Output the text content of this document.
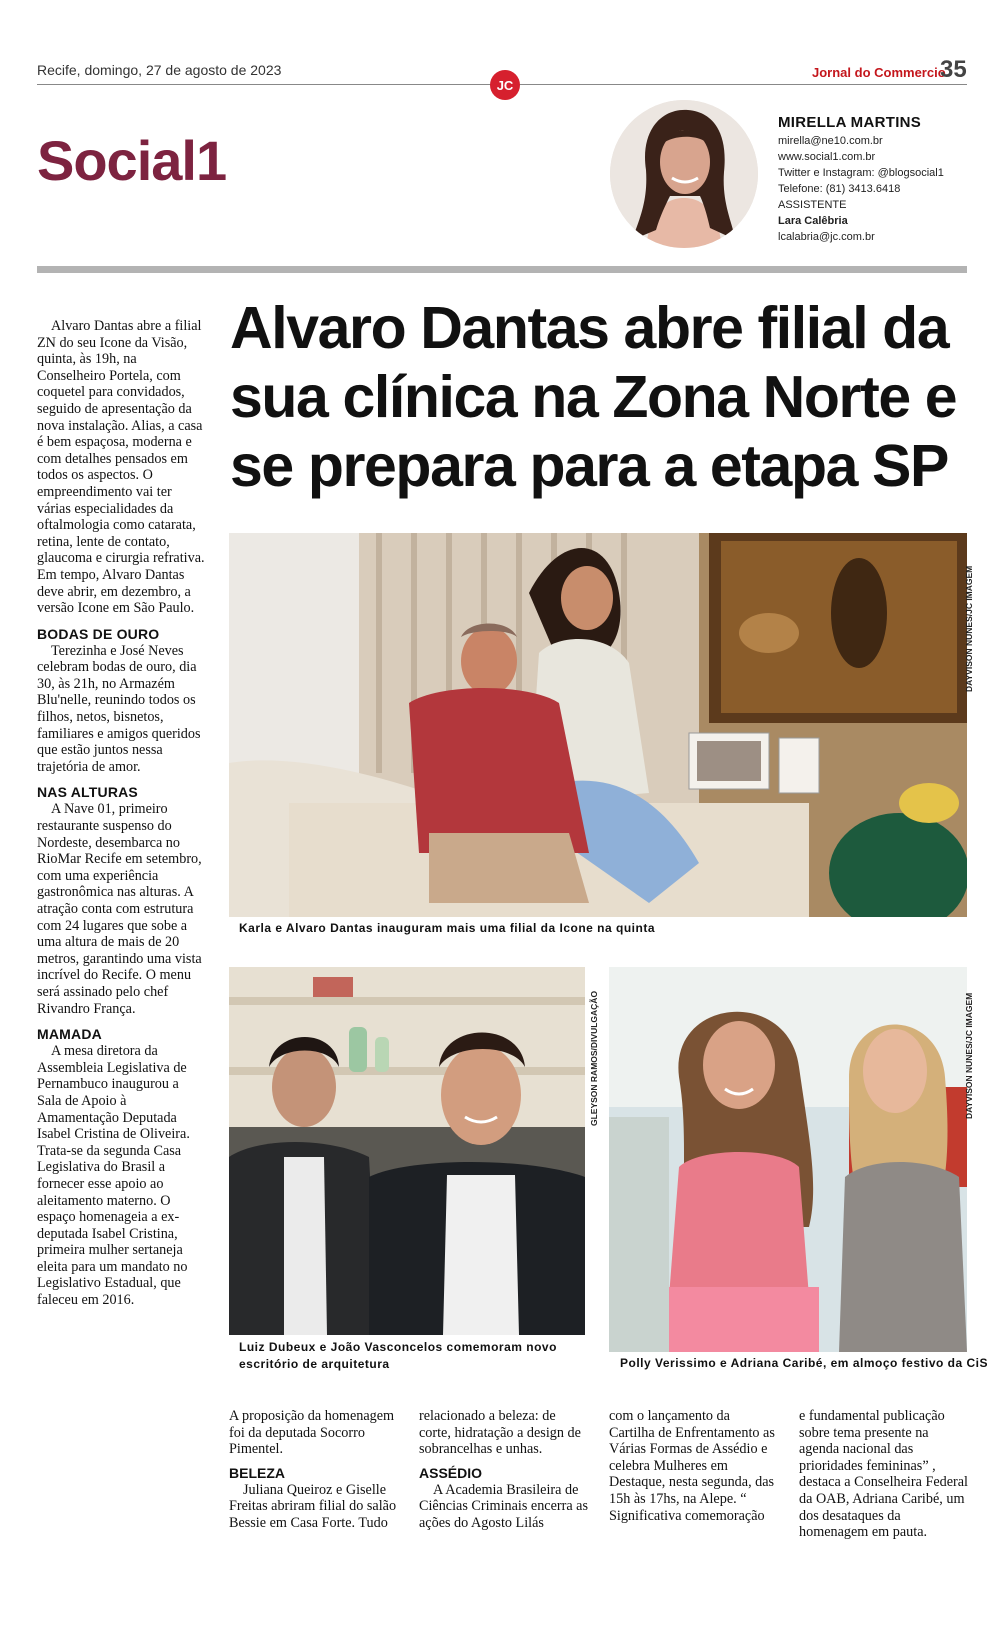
Recife, domingo, 27 de agosto de 2023
JC
Jornal do Commercio
35
Social1
MIRELLA MARTINS
mirella@ne10.com.br
www.social1.com.br
Twitter e Instagram: @blogsocial1
Telefone: (81) 3413.6418
ASSISTENTE
Lara Calêbria
lcalabria@jc.com.br

Alvaro Dantas abre a filial ZN do seu Icone da Visão, quinta, às 19h, na Conselheiro Portela, com coquetel para convidados, seguido de apresentação da nova instalação. Alias, a casa é bem espaçosa, moderna e com detalhes pensados em todos os aspectos. O empreendimento vai ter várias especialidades da oftalmologia como catarata, retina, lente de contato, glaucoma e cirurgia refrativa. Em tempo, Alvaro Dantas deve abrir, em dezembro, a versão Icone em São Paulo.

BODAS DE OURO

Terezinha e José Neves celebram bodas de ouro, dia 30, às 21h, no Armazém Blu'nelle, reunindo todos os filhos, netos, bisnetos, familiares e amigos queridos que estão juntos nessa trajetória de amor.

NAS ALTURAS

A Nave 01, primeiro restaurante suspenso do Nordeste, desembarca no RioMar Recife em setembro, com uma experiência gastronômica nas alturas. A atração conta com estrutura com 24 lugares que sobe a uma altura de mais de 20 metros, garantindo uma vista incrível do Recife. O menu será assinado pelo chef Rivandro França.

MAMADA

A mesa diretora da Assembleia Legislativa de Pernambuco inaugurou a Sala de Apoio à Amamentação Deputada Isabel Cristina de Oliveira. Trata-se da segunda Casa Legislativa do Brasil a fornecer esse apoio ao aleitamento materno. O espaço homenageia a ex-deputada Isabel Cristina, primeira mulher sertaneja eleita para um mandato no Legislativo Estadual, que faleceu em 2016.

Alvaro Dantas abre filial da sua clínica na Zona Norte e se prepara para a etapa SP
DAYVISON NUNES/JC IMAGEM
Karla e Alvaro Dantas inauguram mais uma filial da Icone na quinta
GLEYSON RAMOS/DIVULGAÇÃO
Luiz Dubeux e João Vasconcelos comemoram novo escritório de arquitetura
DAYVISON NUNES/JC IMAGEM
Polly Verissimo e Adriana Caribé, em almoço festivo da CiS

A proposição da homenagem foi da deputada Socorro Pimentel.

BELEZA

Juliana Queiroz e Giselle Freitas abriram filial do salão Bessie em Casa Forte. Tudo

relacionado a beleza: de corte, hidratação a design de sobrancelhas e unhas.

ASSÉDIO

A Academia Brasileira de Ciências Criminais encerra as ações do Agosto Lilás

com o lançamento da Cartilha de Enfrentamento as Várias Formas de Assédio e celebra Mulheres em Destaque, nesta segunda, das 15h às 17hs, na Alepe. “ Significativa comemoração

e fundamental publicação sobre tema presente na agenda nacional das prioridades femininas” , destaca a Conselheira Federal da OAB, Adriana Caribé, um dos desataques da homenagem em pauta.
